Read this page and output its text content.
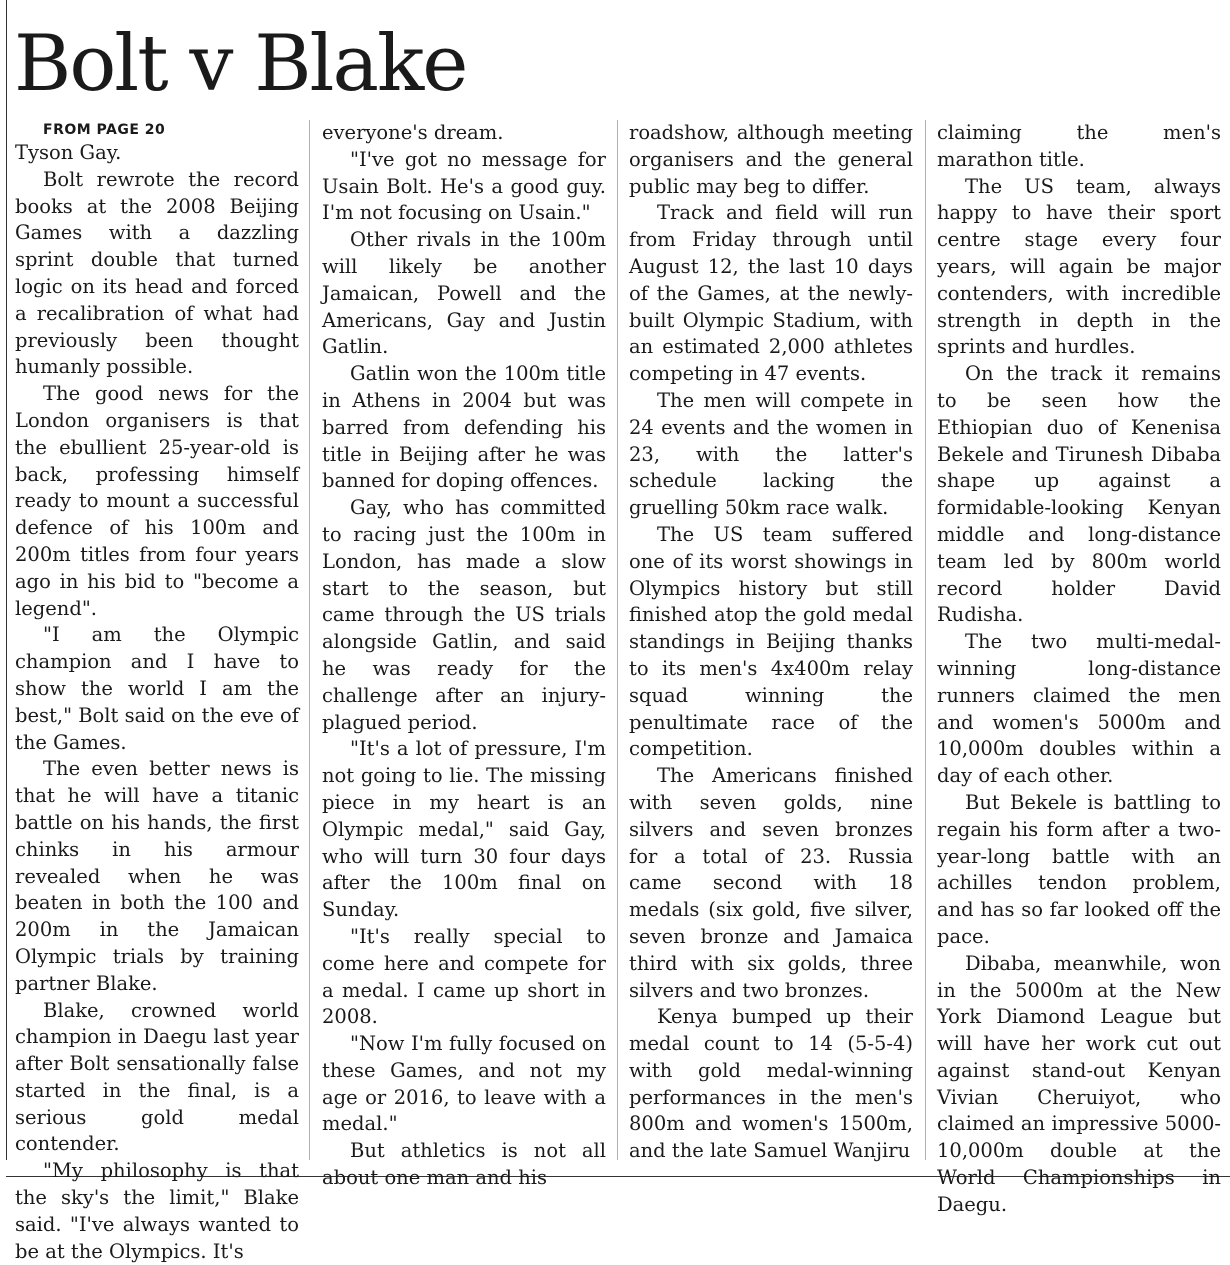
Bolt v Blake

FROM PAGE 20

Tyson Gay.

Bolt rewrote the record books at the 2008 Beijing Games with a dazzling sprint double that turned logic on its head and forced a recalibration of what had previously been thought humanly possible.

The good news for the London organisers is that the ebullient 25-year-old is back, professing himself ready to mount a successful defence of his 100m and 200m titles from four years ago in his bid to "become a legend".

"I am the Olympic champion and I have to show the world I am the best," Bolt said on the eve of the Games.

The even better news is that he will have a titanic battle on his hands, the first chinks in his armour revealed when he was beaten in both the 100 and 200m in the Jamaican Olympic trials by training partner Blake.

Blake, crowned world champion in Daegu last year after Bolt sensationally false started in the final, is a serious gold medal contender.

"My philosophy is that the sky's the limit," Blake said. "I've always wanted to be at the Olympics. It's

everyone's dream.

"I've got no message for Usain Bolt. He's a good guy. I'm not focusing on Usain."

Other rivals in the 100m will likely be another Jamaican, Powell and the Americans, Gay and Justin Gatlin.

Gatlin won the 100m title in Athens in 2004 but was barred from defending his title in Beijing after he was banned for doping offences.

Gay, who has committed to racing just the 100m in London, has made a slow start to the season, but came through the US trials alongside Gatlin, and said he was ready for the challenge after an injury-plagued period.

"It's a lot of pressure, I'm not going to lie. The missing piece in my heart is an Olympic medal," said Gay, who will turn 30 four days after the 100m final on Sunday.

"It's really special to come here and compete for a medal. I came up short in 2008.

"Now I'm fully focused on these Games, and not my age or 2016, to leave with a medal."

But athletics is not all about one man and his

roadshow, although meeting organisers and the general public may beg to differ.

Track and field will run from Friday through until August 12, the last 10 days of the Games, at the newly-built Olympic Stadium, with an estimated 2,000 athletes competing in 47 events.

The men will compete in 24 events and the women in 23, with the latter's schedule lacking the gruelling 50km race walk.

The US team suffered one of its worst showings in Olympics history but still finished atop the gold medal standings in Beijing thanks to its men's 4x400m relay squad winning the penultimate race of the competition.

The Americans finished with seven golds, nine silvers and seven bronzes for a total of 23. Russia came second with 18 medals (six gold, five silver, seven bronze and Jamaica third with six golds, three silvers and two bronzes.

Kenya bumped up their medal count to 14 (5-5-4) with gold medal-winning performances in the men's 800m and women's 1500m, and the late Samuel Wanjiru

claiming the men's marathon title.

The US team, always happy to have their sport centre stage every four years, will again be major contenders, with incredible strength in depth in the sprints and hurdles.

On the track it remains to be seen how the Ethiopian duo of Kenenisa Bekele and Tirunesh Dibaba shape up against a formidable-looking Kenyan middle and long-distance team led by 800m world record holder David Rudisha.

The two multi-medal-winning long-distance runners claimed the men and women's 5000m and 10,000m doubles within a day of each other.

But Bekele is battling to regain his form after a two-year-long battle with an achilles tendon problem, and has so far looked off the pace.

Dibaba, meanwhile, won in the 5000m at the New York Diamond League but will have her work cut out against stand-out Kenyan Vivian Cheruiyot, who claimed an impressive 5000-10,000m double at the World Championships in Daegu.
